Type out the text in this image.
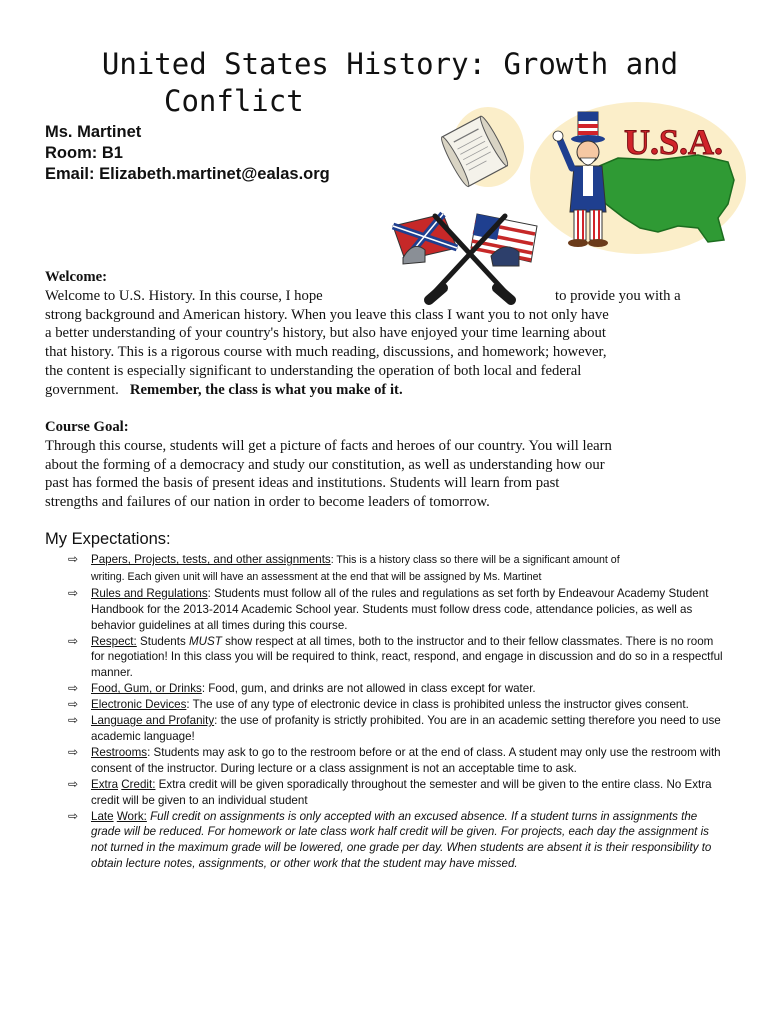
United States History: Growth and
Conflict
Ms. Martinet
Room: B1
Email: Elizabeth.martinet@ealas.org
U.S.A.
Welcome:
Welcome to U.S. History. In this course, I hope	to provide you with a
strong background and American history. When you leave this class I want you to not only have
a better understanding of your country's history, but also have enjoyed your time learning about
that history. This is a rigorous course with much reading, discussions, and homework; however,
the content is especially significant to understanding the operation of both local and federal
government. Remember, the class is what you make of it.
Course Goal:
Through this course, students will get a picture of facts and heroes of our country. You will learn
about the forming of a democracy and study our constitution, as well as understanding how our
past has formed the basis of present ideas and institutions. Students will learn from past
strengths and failures of our nation in order to become leaders of tomorrow.
My Expectations:
⇨ Papers, Projects, tests, and other assignments: This is a history class so there will be a significant amount of
writing. Each given unit will have an assessment at the end that will be assigned by Ms. Martinet
⇨ Rules and Regulations: Students must follow all of the rules and regulations as set forth by Endeavour Academy Student Handbook for the 2013-2014 Academic School year. Students must follow dress code, attendance policies, as well as behavior guidelines at all times during this course.
⇨ Respect: Students MUST show respect at all times, both to the instructor and to their fellow classmates. There is no room for negotiation! In this class you will be required to think, react, respond, and engage in discussion and do so in a respectful manner.
⇨ Food, Gum, or Drinks: Food, gum, and drinks are not allowed in class except for water.
⇨ Electronic Devices: The use of any type of electronic device in class is prohibited unless the instructor gives consent.
⇨ Language and Profanity: the use of profanity is strictly prohibited. You are in an academic setting therefore you need to use academic language!
⇨ Restrooms: Students may ask to go to the restroom before or at the end of class. A student may only use the restroom with consent of the instructor. During lecture or a class assignment is not an acceptable time to ask.
⇨ Extra Credit: Extra credit will be given sporadically throughout the semester and will be given to the entire class. No Extra credit will be given to an individual student
⇨ Late Work: Full credit on assignments is only accepted with an excused absence. If a student turns in assignments the grade will be reduced. For homework or late class work half credit will be given. For projects, each day the assignment is not turned in the maximum grade will be lowered, one grade per day. When students are absent it is their responsibility to obtain lecture notes, assignments, or other work that the student may have missed.
